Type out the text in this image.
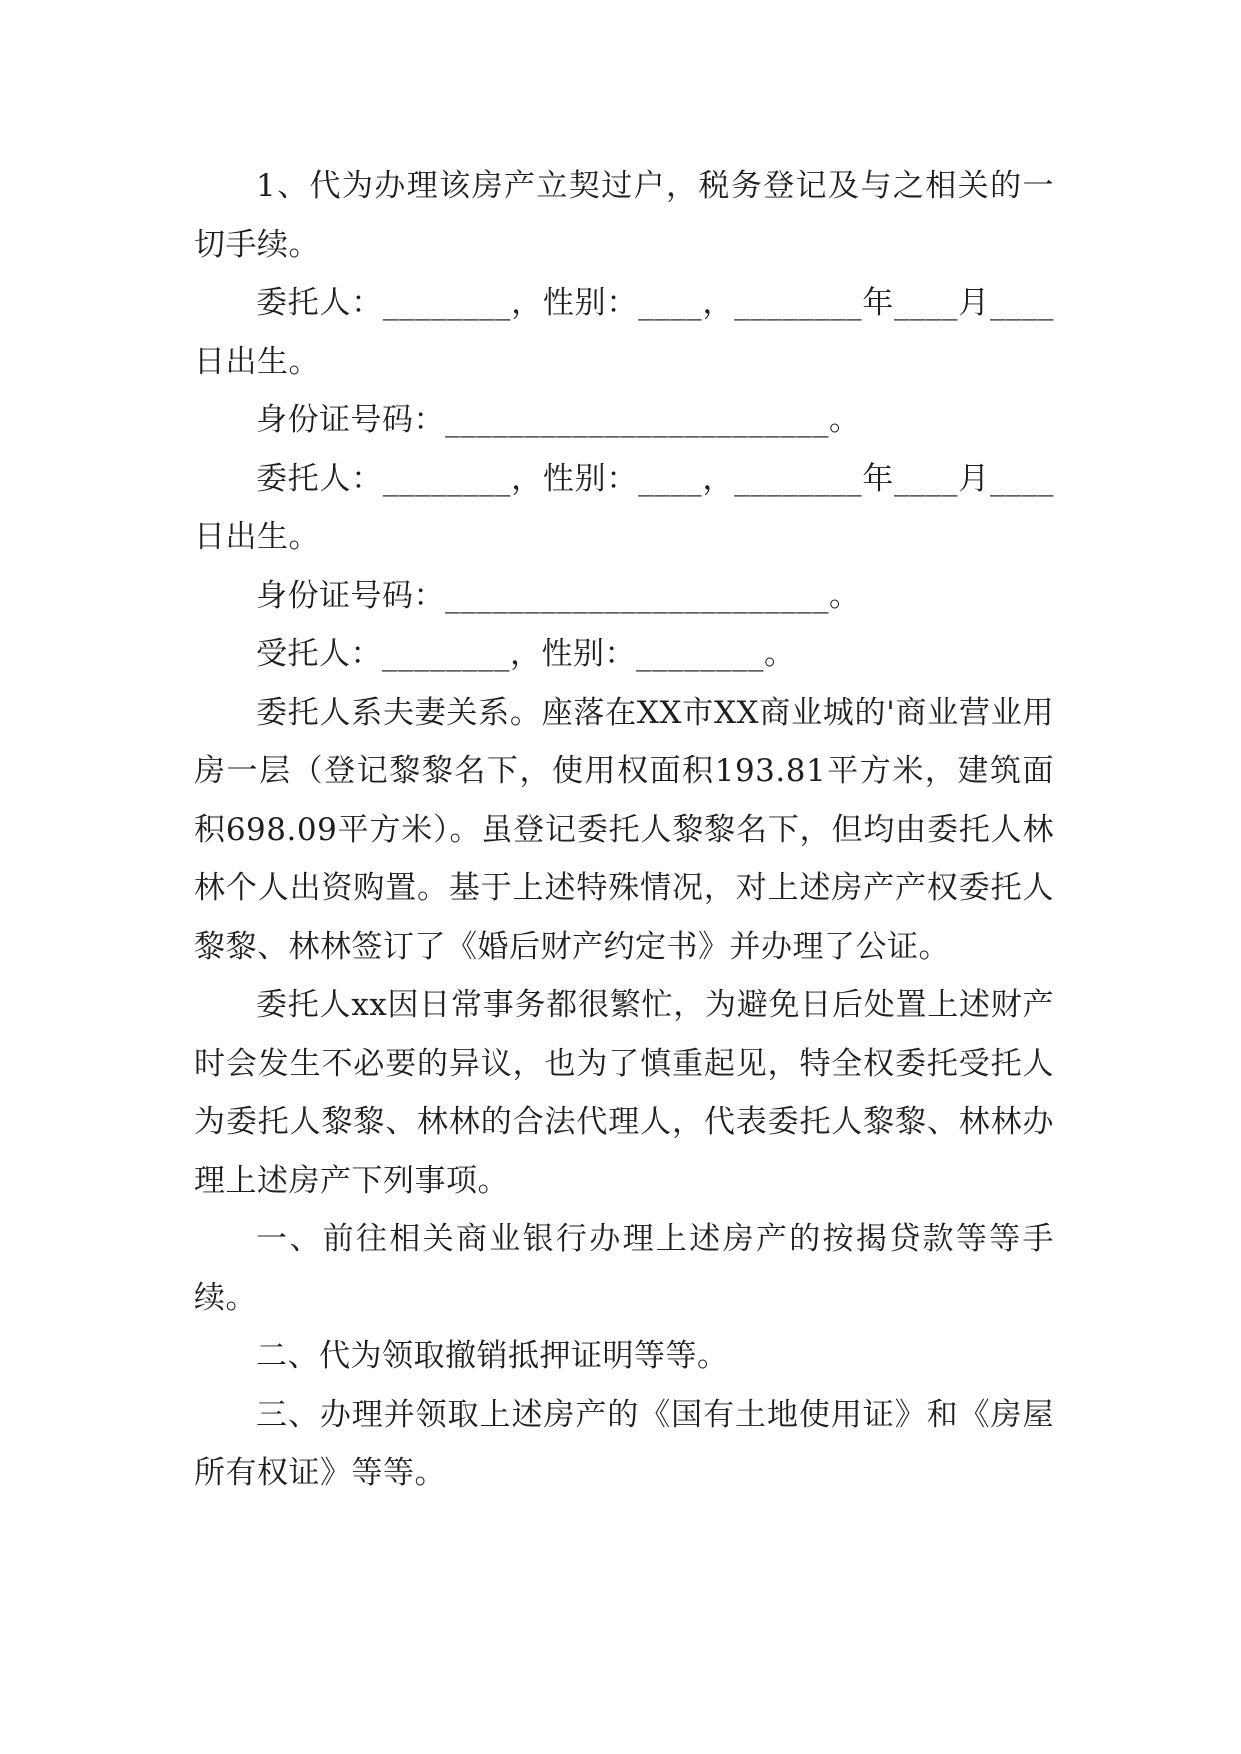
1、代为办理该房产立契过户，税务登记及与之相关的一切手续。

委托人：________，性别：____，________年____月____日出生。

身份证号码：________________________。

委托人：________，性别：____，________年____月____日出生。

身份证号码：________________________。

受托人：________，性别：________。

委托人系夫妻关系。座落在XX市XX商业城的'商业营业用房一层（登记黎黎名下，使用权面积193.81平方米，建筑面积698.09平方米）。虽登记委托人黎黎名下，但均由委托人林林个人出资购置。基于上述特殊情况，对上述房产产权委托人黎黎、林林签订了《婚后财产约定书》并办理了公证。

委托人xx因日常事务都很繁忙，为避免日后处置上述财产时会发生不必要的异议，也为了慎重起见，特全权委托受托人为委托人黎黎、林林的合法代理人，代表委托人黎黎、林林办理上述房产下列事项。

一、前往相关商业银行办理上述房产的按揭贷款等等手续。

二、代为领取撤销抵押证明等等。

三、办理并领取上述房产的《国有土地使用证》和《房屋所有权证》等等。
